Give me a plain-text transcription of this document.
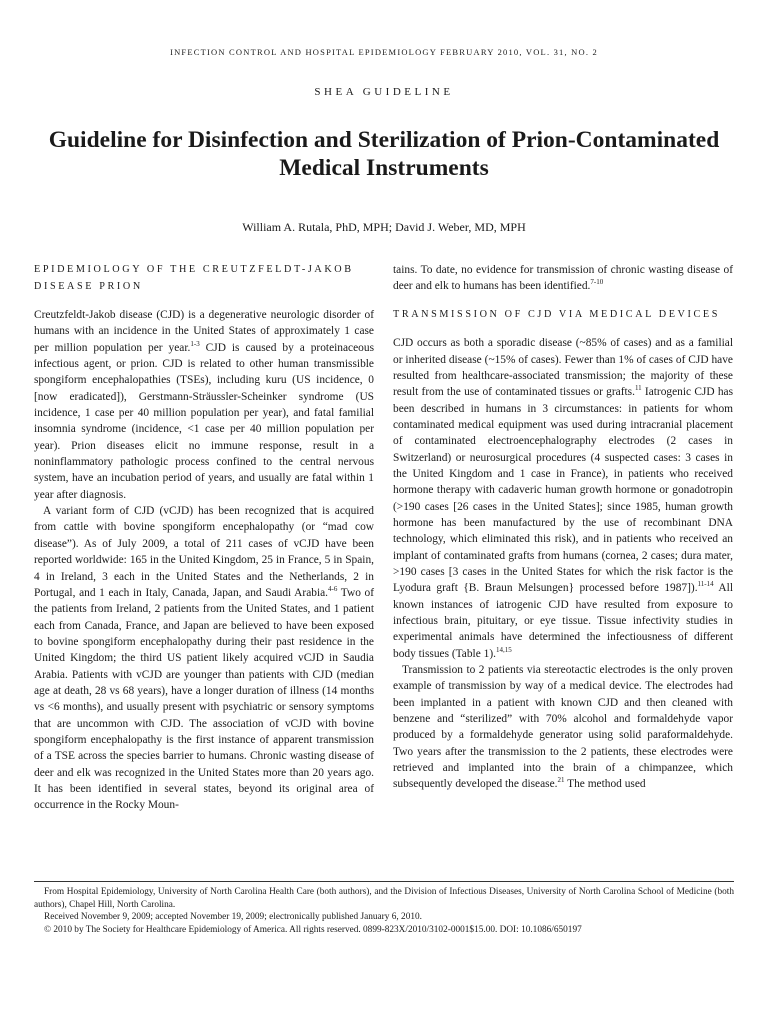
INFECTION CONTROL AND HOSPITAL EPIDEMIOLOGY FEBRUARY 2010, VOL. 31, NO. 2
SHEA GUIDELINE
Guideline for Disinfection and Sterilization of Prion-Contaminated Medical Instruments
William A. Rutala, PhD, MPH; David J. Weber, MD, MPH
EPIDEMIOLOGY OF THE CREUTZFELDT-JAKOB DISEASE PRION

Creutzfeldt-Jakob disease (CJD) is a degenerative neurologic disorder of humans with an incidence in the United States of approximately 1 case per million population per year.$^{1-3}$ CJD is caused by a proteinaceous infectious agent, or prion. CJD is related to other human transmissible spongiform encephalopathies (TSEs), including kuru (US incidence, 0 [now eradicated]), Gerstmann-Sträussler-Scheinker syndrome (US incidence, 1 case per 40 million population per year), and fatal familial insomnia syndrome (incidence, <1 case per 40 million population per year). Prion diseases elicit no immune response, result in a noninflammatory pathologic process confined to the central nervous system, have an incubation period of years, and usually are fatal within 1 year after diagnosis.

A variant form of CJD (vCJD) has been recognized that is acquired from cattle with bovine spongiform encephalopathy (or “mad cow disease”). As of July 2009, a total of 211 cases of vCJD have been reported worldwide: 165 in the United Kingdom, 25 in France, 5 in Spain, 4 in Ireland, 3 each in the United States and the Netherlands, 2 in Portugal, and 1 each in Italy, Canada, Japan, and Saudi Arabia.$^{4-6}$ Two of the patients from Ireland, 2 patients from the United States, and 1 patient each from Canada, France, and Japan are believed to have been exposed to bovine spongiform encephalopathy during their past residence in the United Kingdom; the third US patient likely acquired vCJD in Saudia Arabia. Patients with vCJD are younger than patients with CJD (median age at death, 28 vs 68 years), have a longer duration of illness (14 months vs <6 months), and usually present with psychiatric or sensory symptoms that are uncommon with CJD. The association of vCJD with bovine spongiform encephalopathy is the first instance of apparent transmission of a TSE across the species barrier to humans. Chronic wasting disease of deer and elk was recognized in the United States more than 20 years ago. It has been identified in several states, beyond its original area of occurrence in the Rocky Moun-

tains. To date, no evidence for transmission of chronic wasting disease of deer and elk to humans has been identified.$^{7-10}$

TRANSMISSION OF CJD VIA MEDICAL DEVICES

CJD occurs as both a sporadic disease (~85% of cases) and as a familial or inherited disease (~15% of cases). Fewer than 1% of cases of CJD have resulted from healthcare-associated transmission; the majority of these result from the use of contaminated tissues or grafts.$^{11}$ Iatrogenic CJD has been described in humans in 3 circumstances: in patients for whom contaminated medical equipment was used during intracranial placement of contaminated electroencephalography electrodes (2 cases in Switzerland) or neurosurgical procedures (4 suspected cases: 3 cases in the United Kingdom and 1 case in France), in patients who received hormone therapy with cadaveric human growth hormone or gonadotropin (>190 cases [26 cases in the United States]; since 1985, human growth hormone has been manufactured by the use of recombinant DNA technology, which eliminated this risk), and in patients who received an implant of contaminated grafts from humans (cornea, 2 cases; dura mater, >190 cases [3 cases in the United States for which the risk factor is the Lyodura graft {B. Braun Melsungen} processed before 1987]).$^{11-14}$ All known instances of iatrogenic CJD have resulted from exposure to infectious brain, pituitary, or eye tissue. Tissue infectivity studies in experimental animals have determined the infectiousness of different body tissues (Table 1).$^{14,15}$

Transmission to 2 patients via stereotactic electrodes is the only proven example of transmission by way of a medical device. The electrodes had been implanted in a patient with known CJD and then cleaned with benzene and “sterilized” with 70% alcohol and formaldehyde vapor produced by a formaldehyde generator using solid paraformaldehyde. Two years after the transmission to the 2 patients, these electrodes were retrieved and implanted into the brain of a chimpanzee, which subsequently developed the disease.$^{21}$ The method used

From Hospital Epidemiology, University of North Carolina Health Care (both authors), and the Division of Infectious Diseases, University of North Carolina School of Medicine (both authors), Chapel Hill, North Carolina.

Received November 9, 2009; accepted November 19, 2009; electronically published January 6, 2010.

© 2010 by The Society for Healthcare Epidemiology of America. All rights reserved. 0899-823X/2010/3102-0001$15.00. DOI: 10.1086/650197
